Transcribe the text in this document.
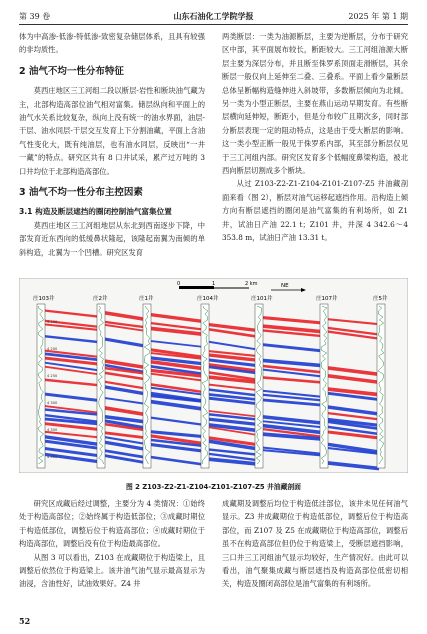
第 39 卷	山东石油化工学院学报	2025 年 第 1 期

体为中高渗-低渗-特低渗-致密复杂储层体系，且具有较强的非均质性。

2 油气不均一性分布特征

莫西庄地区三工河组二段以断层-岩性和断块油气藏为主，北部构造高部位油气相对富集。储层纵向和平面上的油气水关系比较复杂，纵向上没有统一的油水界面，油层-干层、油水同层-干层交互发育上下分割油藏，平面上含油气性变化大，既有纯油层，也有油水同层，反映出“一井一藏”的特点。研究区共有 8 口井试采，累产过万吨的 3 口井均位于北部构造高部位。

3 油气不均一性分布主控因素

3.1 构造及断层遮挡的圈闭控制油气富集位置

莫西庄地区三工河组地层从东北到西南逐步下降，中部发育近东西向的低缓鼻状隆起，该隆起南翼为南倾的单斜构造，北翼为一个凹槽。研究区发育

两类断层：一类为油源断层，主要为逆断层，分布于研究区中部，其平面展布较长，断距较大。三工河组油源大断层主要为深层分布，并且断至侏罗系顶面走滑断层，其余断层一般仅向上延伸至二叠、三叠系。平面上看少量断层总体呈断幅构造缝伸进入斜坡带，多数断层倾向为北倾。另一类为小型正断层，主要在燕山运动早期发育。有些断层横向延伸短，断距小，但是分布较广且期次多，同时部分断层表现一定的阻动特点，这是由于受大断层的影响。这一类小型正断一般见于侏罗系内部，其至部分断层仅见于三工河组内部。研究区发育多个低幅度鼻梁构造，被北西向断层切割成多个断块。

从过 Z103-Z2-Z1-Z104-Z101-Z107-Z5 井油藏剖面来看（图 2），断层对油气运移起遮挡作用。沿构造上倾方向有断层遮挡的圈闭是油气富集的有利场所，如 Z1 井，试油日产油 22.1 t；Z101 井，井深 4 342.6～4 353.8 m，试油日产油 13.31 t。

庄103井	庄2井	庄1井	庄104井	庄101井	庄107井	庄5井
4 150
4 200
4 250
4 300
4 350
4 400
0	1	2 km	NE
图 2 Z103-Z2-Z1-Z104-Z101-Z107-Z5 井油藏剖面

研究区成藏后经过调整，主要分为 4 类情况：①始终处于构造高部位；②始终属于构造低部位；③成藏时期位于构造低部位，调整后位于构造高部位；④成藏时期位于构造高部位，调整后没有位于构造最高部位。

从图 3 可以看出，Z103 在成藏期位于构造梁上，且调整后依然位于构造梁上。该井油气油气显示最高显示为油浸，含油性好，试油效果好。Z4 井

成藏期及调整后均位于构造低洼部位，该井未见任何油气显示。Z3 井成藏期位于构造低部位，调整后位于构造高部位，而 Z107 及 Z5 在成藏期位于构造高部位，调整后虽不在构造高部位但仍位于构造梁上，受断层遮挡影响，三口井三工河组油气显示均较好，生产情况好。由此可以看出，油气聚集成藏与断层遮挡及构造高部位低密切相关，构造及圈闭高部位是油气富集的有利场所。

52
